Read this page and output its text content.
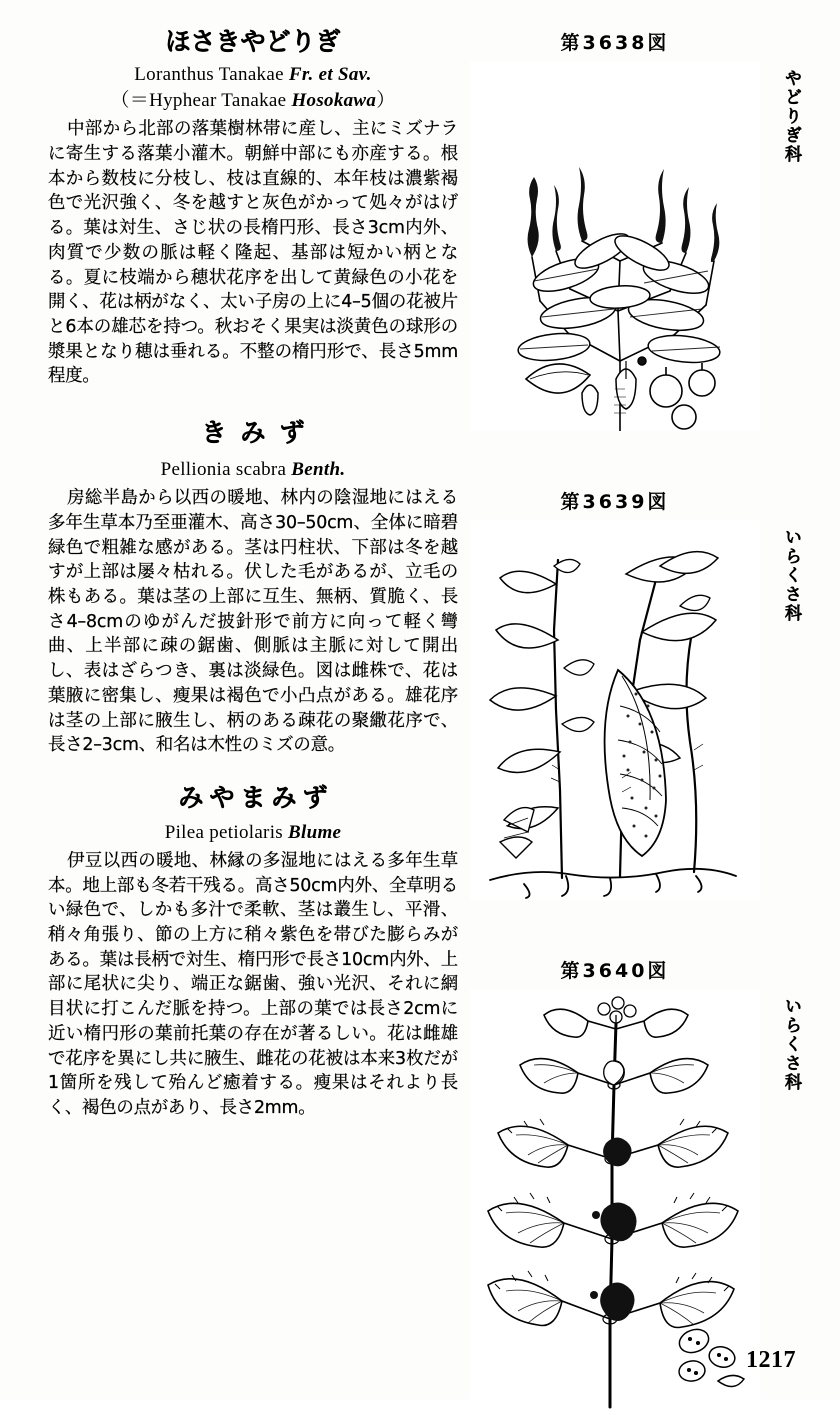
ほさきやどりぎ
Loranthus Tanakae Fr. et Sav.
（＝Hyphear Tanakae Hosokawa）

中部から北部の落葉樹林帯に産し、主にミズナラに寄生する落葉小灌木。朝鮮中部にも亦産する。根本から数枝に分枝し、枝は直線的、本年枝は濃紫褐色で光沢強く、冬を越すと灰色がかって処々がはげる。葉は対生、さじ状の長楕円形、長さ3cm内外、肉質で少数の脈は軽く隆起、基部は短かい柄となる。夏に枝端から穂状花序を出して黄緑色の小花を開く、花は柄がなく、太い子房の上に4–5個の花被片と6本の雄芯を持つ。秋おそく果実は淡黄色の球形の漿果となり穂は垂れる。不整の楕円形で、長さ5mm程度。

きみず
Pellionia scabra Benth.

房総半島から以西の暖地、林内の陰湿地にはえる多年生草本乃至亜灌木、高さ30–50cm、全体に暗碧緑色で粗雑な感がある。茎は円柱状、下部は冬を越すが上部は屡々枯れる。伏した毛があるが、立毛の株もある。葉は茎の上部に互生、無柄、質脆く、長さ4–8cmのゆがんだ披針形で前方に向って軽く彎曲、上半部に疎の鋸歯、側脈は主脈に対して開出し、表はざらつき、裏は淡緑色。図は雌株で、花は葉腋に密集し、瘦果は褐色で小凸点がある。雄花序は茎の上部に腋生し、柄のある疎花の聚繖花序で、長さ2–3cm、和名は木性のミズの意。

みやまみず
Pilea petiolaris Blume

伊豆以西の暖地、林縁の多湿地にはえる多年生草本。地上部も冬若干残る。高さ50cm内外、全草明るい緑色で、しかも多汁で柔軟、茎は叢生し、平滑、稍々角張り、節の上方に稍々紫色を帯びた膨らみがある。葉は長柄で対生、楕円形で長さ10cm内外、上部に尾状に尖り、端正な鋸歯、強い光沢、それに網目状に打こんだ脈を持つ。上部の葉では長さ2cmに近い楕円形の葉前托葉の存在が著るしい。花は雌雄で花序を異にし共に腋生、雌花の花被は本来3枚だが1箇所を残して殆んど癒着する。瘦果はそれより長く、褐色の点があり、長さ2mm。

第3638図
やどりぎ科
第3639図
いらくさ科
第3640図
いらくさ科
1217
